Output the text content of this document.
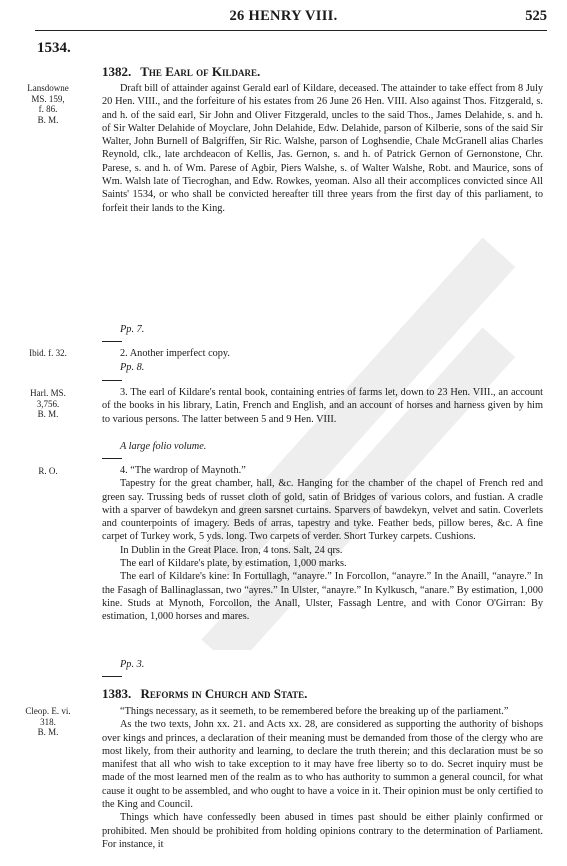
26 HENRY VIII.	525
1534.
1382. The Earl of Kildare.
Lansdowne
MS. 159,
f. 86.
B. M.

Draft bill of attainder against Gerald earl of Kildare, deceased. The attainder to take effect from 8 July 20 Hen. VIII., and the forfeiture of his estates from 26 June 26 Hen. VIII. Also against Thos. Fitzgerald, s. and h. of the said earl, Sir John and Oliver Fitzgerald, uncles to the said Thos., James Delahide, s. and h. of Sir Walter Delahide of Moyclare, John Delahide, Edw. Delahide, parson of Kilberie, sons of the said Sir Walter, John Burnell of Balgriffen, Sir Ric. Walshe, parson of Loghsendie, Chale McGranell alias Charles Reynold, clk., late archdeacon of Kellis, Jas. Gernon, s. and h. of Patrick Gernon of Gernonstone, Chr. Parese, s. and h. of Wm. Parese of Agbir, Piers Walshe, s. of Walter Walshe, Robt. and Maurice, sons of Wm. Walsh late of Tiecroghan, and Edw. Rowkes, yeoman. Also all their accomplices convicted since All Saints' 1534, or who shall be convicted hereafter till three years from the first day of this parliament, to forfeit their lands to the King.

Pp. 7.
Ibid. f. 32.	2. Another imperfect copy.

Pp. 8.
Harl. MS.
3,756.
B. M.

3. The earl of Kildare's rental book, containing entries of farms let, down to 23 Hen. VIII., an account of the books in his library, Latin, French and English, and an account of horses and harness given by him to various persons. The latter between 5 and 9 Hen. VIII.

A large folio volume.
R. O.	4. “The wardrop of Maynoth.”

Tapestry for the great chamber, hall, &c. Hanging for the chamber of the chapel of French red and green say. Trussing beds of russet cloth of gold, satin of Bridges of various colors, and fustian. A cradle with a sparver of bawdekyn and green sarsnet curtains. Sparvers of bawdekyn, velvet and satin. Coverlets and counterpoints of imagery. Beds of arras, tapestry and tyke. Feather beds, pillow beres, &c. A fine carpet of Turkey work, 5 yds. long. Two carpets of verder. Short Turkey carpets. Cushions.

In Dublin in the Great Place. Iron, 4 tons. Salt, 24 qrs.

The earl of Kildare's plate, by estimation, 1,000 marks.

The earl of Kildare's kine: In Fortullagh, “anayre.” In Forcollon, “anayre.” In the Anaill, “anayre.” In the Fasagh of Ballinaglassan, two “ayres.” In Ulster, “anayre.” In Kylkusch, “anare.” By estimation, 1,000 kine. Studs at Mynoth, Forcollon, the Anall, Ulster, Fassagh Lentre, and with Conor O'Girran: By estimation, 1,000 horses and mares.

Pp. 3.
1383. Reforms in Church and State.
Cleop. E. vi.
318.
B. M.

“Things necessary, as it seemeth, to be remembered before the breaking up of the parliament.”

As the two texts, John xx. 21. and Acts xx. 28, are considered as supporting the authority of bishops over kings and princes, a declaration of their meaning must be demanded from those of the clergy who are most likely, from their authority and learning, to declare the truth therein; and this declaration must be so manifest that all who wish to take exception to it may have free liberty so to do. Secret inquiry must be made of the most learned men of the realm as to who has authority to summon a general council, for what cause it ought to be assembled, and who ought to have a voice in it. Their opinion must be only certified to the King and Council.

Things which have confessedly been abused in times past should be either plainly confirmed or prohibited. Men should be prohibited from holding opinions contrary to the determination of Parliament. For instance, it
